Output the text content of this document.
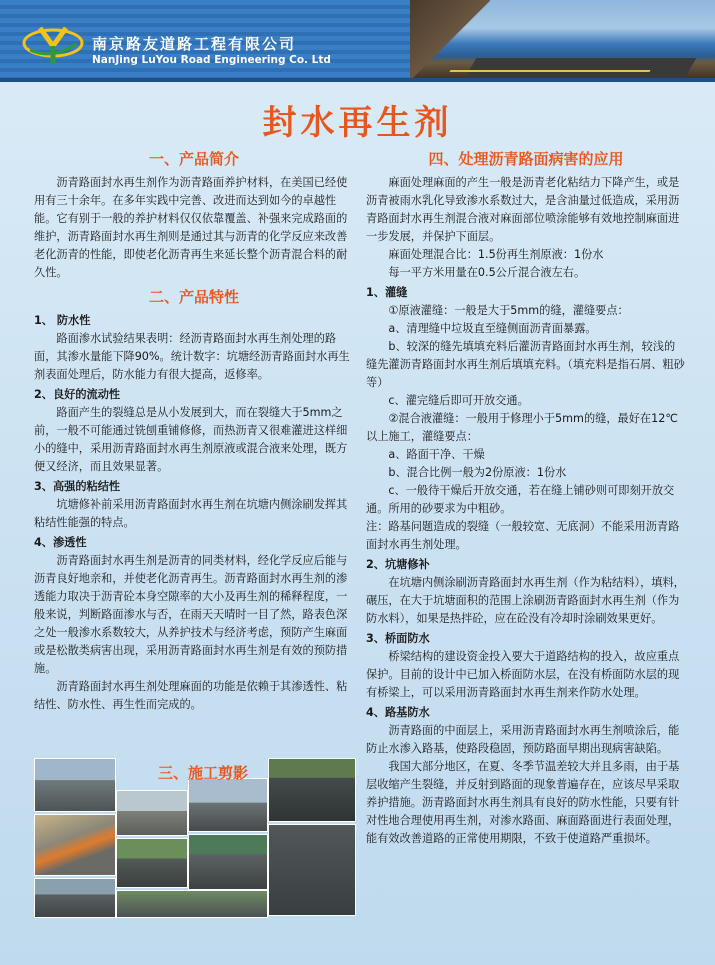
南京路友道路工程有限公司
NanJing LuYou Road Engineering Co. Ltd
封水再生剂
一、产品简介

沥青路面封水再生剂作为沥青路面养护材料，在美国已经使用有三十余年。在多年实践中完善、改进而达到如今的卓越性能。它有别于一般的养护材料仅仅依靠覆盖、补强来完成路面的维护，沥青路面封水再生剂则是通过其与沥青的化学反应来改善老化沥青的性能，即使老化沥青再生来延长整个沥青混合料的耐久性。

二、产品特性

1、 防水性

路面渗水试验结果表明：经沥青路面封水再生剂处理的路面，其渗水量能下降90%。统计数字：坑塘经沥青路面封水再生剂表面处理后，防水能力有很大提高，返修率。

2、良好的流动性

路面产生的裂缝总是从小发展到大，而在裂缝大于5mm之前，一般不可能通过铣刨重铺修修，而热沥青又很难灌进这样细小的缝中，采用沥青路面封水再生剂原液或混合液来处理，既方便又经济，而且效果显著。

3、高强的粘结性

坑塘修补前采用沥青路面封水再生剂在坑塘内侧涂刷发挥其粘结性能强的特点。

4、渗透性

沥青路面封水再生剂是沥青的同类材料，经化学反应后能与沥青良好地亲和，并使老化沥青再生。沥青路面封水再生剂的渗透能力取决于沥青砼本身空隙率的大小及再生剂的稀释程度，一般来说，判断路面渗水与否，在雨天天晴时一目了然，路表色深之处一般渗水系数较大，从养护技术与经济考虑，预防产生麻面或是松散类病害出现，采用沥青路面封水再生剂是有效的预防措施。

沥青路面封水再生剂处理麻面的功能是依赖于其渗透性、粘结性、防水性、再生性而完成的。

三、施工剪影
四、处理沥青路面病害的应用

麻面处理麻面的产生一般是沥青老化粘结力下降产生，或是沥青被雨水乳化导致渗水系数过大，是含油量过低造成，采用沥青路面封水再生剂混合液对麻面部位喷涂能够有效地控制麻面进一步发展，并保护下面层。

麻面处理混合比：1.5份再生剂原液：1份水

每一平方米用量在0.5公斤混合液左右。

1、灌缝

①原液灌缝：一般是大于5mm的缝，灌缝要点：

a、清理缝中垃圾直至缝侧面沥青面暴露。

b、较深的缝先填填充料后灌沥青路面封水再生剂，较浅的缝先灌沥青路面封水再生剂后填填充料。（填充料是指石屑、粗砂等）

c、灌完缝后即可开放交通。

②混合液灌缝：一般用于修理小于5mm的缝，最好在12℃以上施工，灌缝要点：

a、路面干净、干燥

b、混合比例一般为2份原液：1份水

c、一般待干燥后开放交通，若在缝上铺砂则可即刻开放交通。所用的砂要求为中粗砂。

注：路基问题造成的裂缝（一般较宽、无底洞）不能采用沥青路面封水再生剂处理。

2、坑塘修补

在坑塘内侧涂刷沥青路面封水再生剂（作为粘结料），填料，碾压，在大于坑塘面积的范围上涂刷沥青路面封水再生剂（作为防水料），如果是热拌砼，应在砼没有冷却时涂刷效果更好。

3、桥面防水

桥梁结构的建设资金投入要大于道路结构的投入，故应重点保护。目前的设计中已加入桥面防水层，在没有桥面防水层的现有桥梁上，可以采用沥青路面封水再生剂来作防水处理。

4、路基防水

沥青路面的中面层上，采用沥青路面封水再生剂喷涂后，能防止水渗入路基，使路段稳固，预防路面早期出现病害缺陷。

我国大部分地区，在夏、冬季节温差较大并且多雨，由于基层收缩产生裂缝，并反射到路面的现象普遍存在，应该尽早采取养护措施。沥青路面封水再生剂具有良好的防水性能，只要有针对性地合理使用再生剂，对渗水路面、麻面路面进行表面处理，能有效改善道路的正常使用期限，不致于使道路严重损坏。
